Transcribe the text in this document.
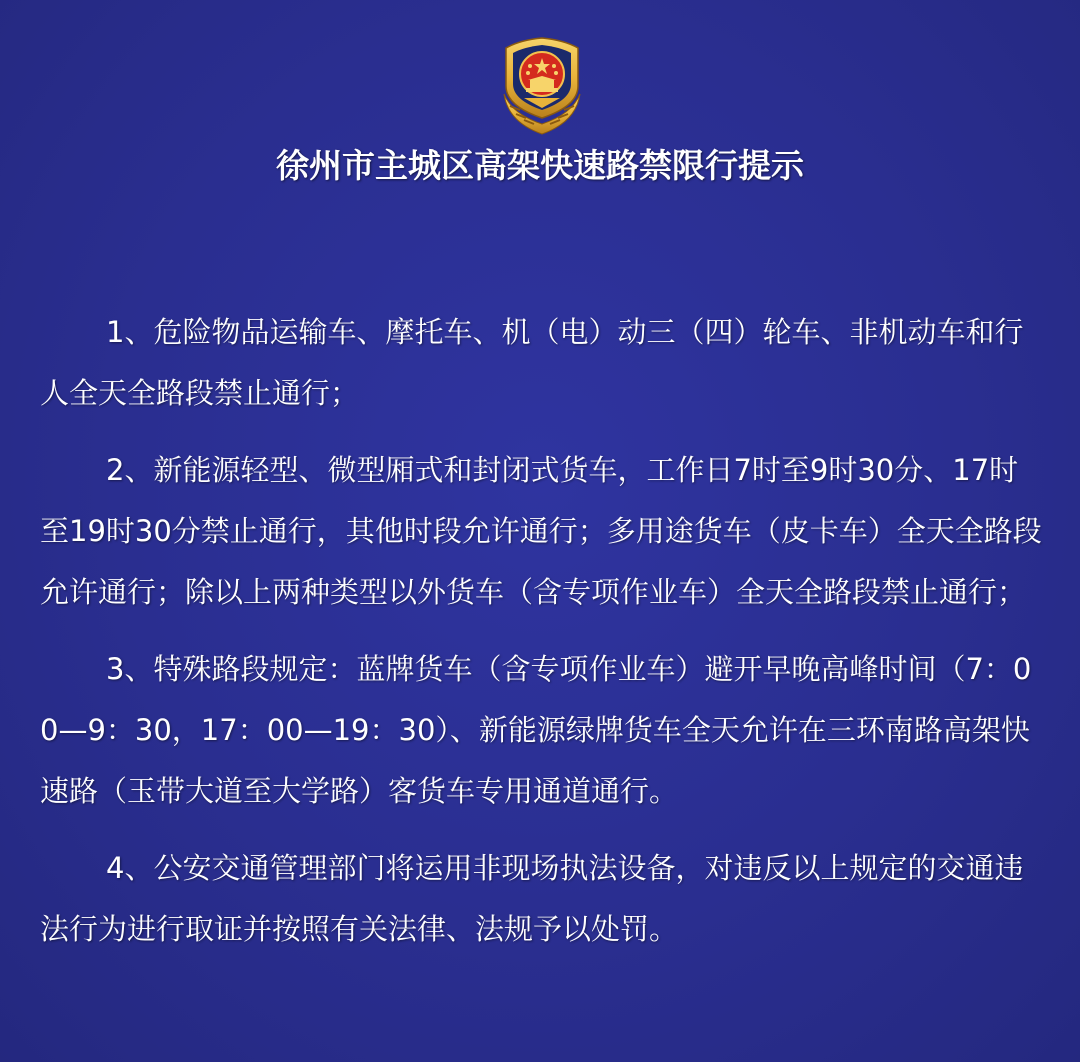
徐州市主城区高架快速路禁限行提示

1、危险物品运输车、摩托车、机（电）动三（四）轮车、非机动车和行人全天全路段禁止通行；

2、新能源轻型、微型厢式和封闭式货车，工作日7时至9时30分、17时至19时30分禁止通行，其他时段允许通行；多用途货车（皮卡车）全天全路段允许通行；除以上两种类型以外货车（含专项作业车）全天全路段禁止通行；

3、特殊路段规定：蓝牌货车（含专项作业车）避开早晚高峰时间（7：00—9：30，17：00—19：30）、新能源绿牌货车全天允许在三环南路高架快速路（玉带大道至大学路）客货车专用通道通行。

4、公安交通管理部门将运用非现场执法设备，对违反以上规定的交通违法行为进行取证并按照有关法律、法规予以处罚。
